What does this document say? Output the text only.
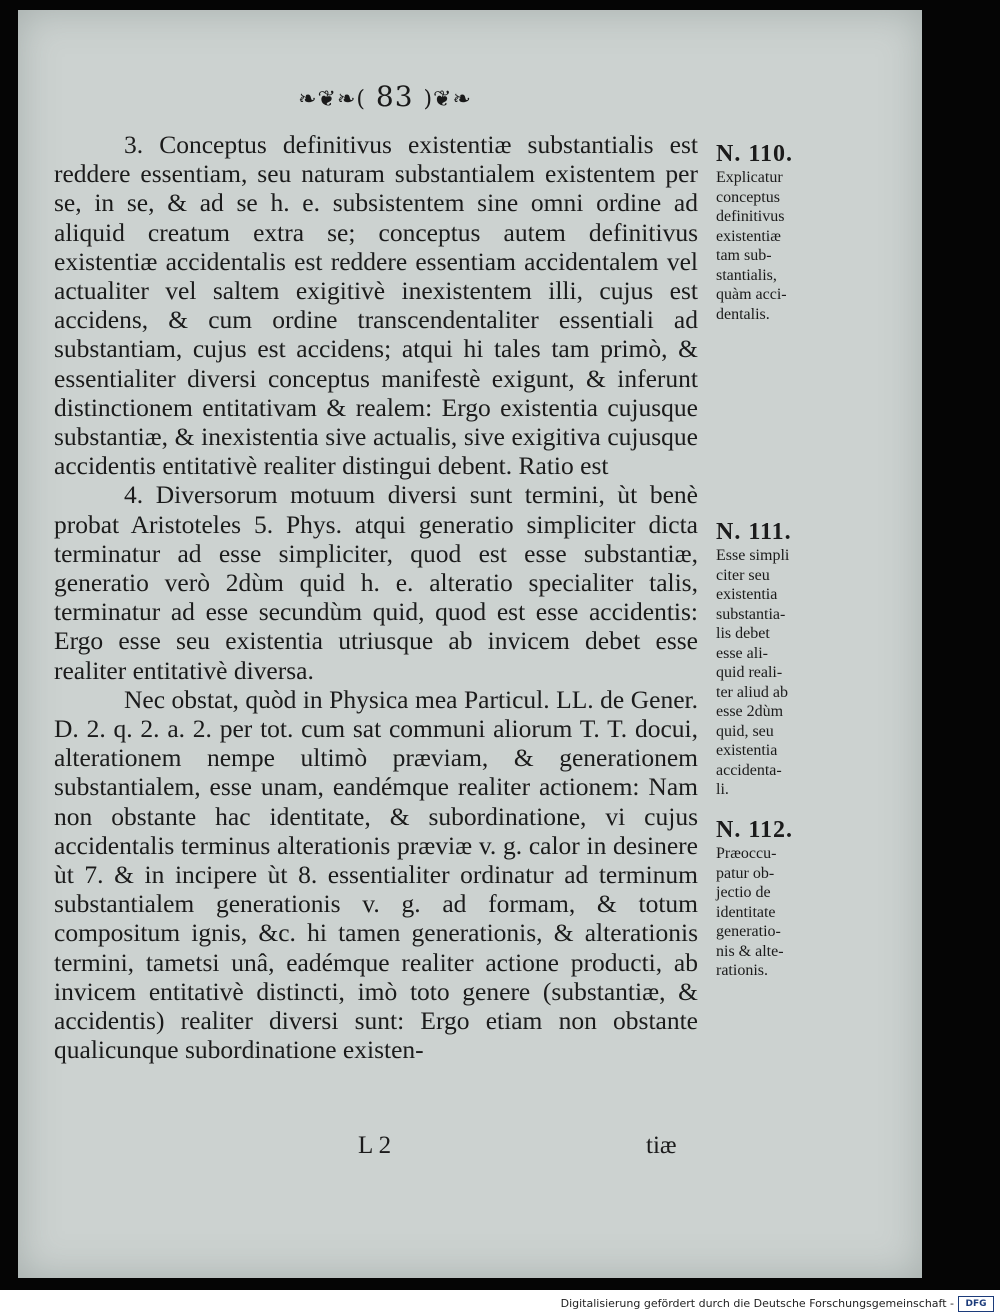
❧❦❧( 83 )❦❧

3. Conceptus definitivus existentiæ substantialis est reddere essentiam, seu naturam substantialem existentem per se, in se, & ad se h. e. subsistentem sine omni ordine ad aliquid creatum extra se; conceptus autem definitivus existentiæ accidentalis est reddere essentiam accidentalem vel actualiter vel saltem exigitivè inexistentem illi, cujus est accidens, & cum ordine transcendentaliter essentiali ad substantiam, cujus est accidens; atqui hi tales tam primò, & essentialiter diversi conceptus manifestè exigunt, & inferunt distinctionem entitativam & realem: Ergo existentia cujusque substantiæ, & inexistentia sive actualis, sive exigitiva cujusque accidentis entitativè realiter distingui debent. Ratio est

4. Diversorum motuum diversi sunt termini, ùt benè probat Aristoteles 5. Phys. atqui generatio simpliciter dicta terminatur ad esse simpliciter, quod est esse substantiæ, generatio verò 2dùm quid h. e. alteratio specialiter talis, terminatur ad esse secundùm quid, quod est esse accidentis: Ergo esse seu existentia utriusque ab invicem debet esse realiter entitativè diversa.

Nec obstat, quòd in Physica mea Particul. LL. de Gener. D. 2. q. 2. a. 2. per tot. cum sat communi aliorum T. T. docui, alterationem nempe ultimò præviam, & generationem substantialem, esse unam, eandémque realiter actionem: Nam non obstante hac identitate, & subordinatione, vi cujus accidentalis terminus alterationis præviæ v. g. calor in desinere ùt 7. & in incipere ùt 8. essentialiter ordinatur ad terminum substantialem generationis v. g. ad formam, & totum compositum ignis, &c. hi tamen generationis, & alterationis termini, tametsi unâ, eadémque realiter actione producti, ab invicem entitativè distincti, imò toto genere (substantiæ, & accidentis) realiter diversi sunt: Ergo etiam non obstante qualicunque subordinatione existen-

N. 110.
Explicatur
conceptus
definitivus
existentiæ
tam sub-
stantialis,
quàm acci-
dentalis.
N. 111.
Esse simpli
citer seu
existentia
substantia-
lis debet
esse ali-
quid reali-
ter aliud ab
esse 2dùm
quid, seu
existentia
accidenta-
li.
N. 112.
Præoccu-
patur ob-
jectio de
identitate
generatio-
nis & alte-
rationis.
L 2	tiæ
Digitalisierung gefördert durch die Deutsche Forschungsgemeinschaft -	DFG
